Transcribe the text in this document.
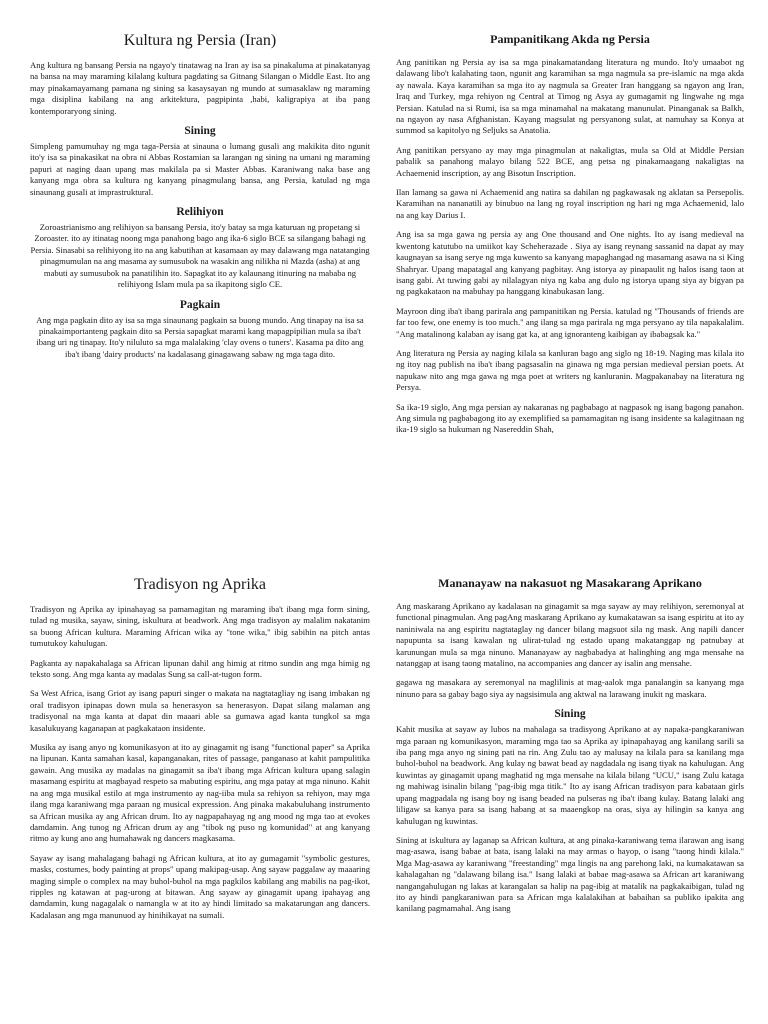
Kultura ng Persia (Iran)

Ang kultura ng bansang Persia na ngayo'y tinatawag na Iran ay isa sa pinakaluma at pinakatanyag na bansa na may maraming kilalang kultura pagdating sa Gitnang Silangan o Middle East. Ito ang may pinakamayamang pamana ng sining sa kasaysayan ng mundo at sumasaklaw ng maraming mga disiplina kabilang na ang arkitektura, pagpipinta ,habi, kaligrapiya at iba pang kontemporaryong sining.

Sining

Simpleng pamumuhay ng mga taga-Persia at sinauna o lumang gusali ang makikita dito ngunit ito'y isa sa pinakasikat na obra ni Abbas Rostamian sa larangan ng sining na umani ng maraming papuri at naging daan upang mas makilala pa si Master Abbas. Karaniwang naka base ang kanyang mga obra sa kultura ng kanyang pinagmulang bansa, ang Persia, katulad ng mga sinaunang gusali at imprastruktural.

Relihiyon

Zoroastrianismo ang relihiyon sa bansang Persia, ito'y batay sa mga katuruan ng propetang si Zoroaster. ito ay itinatag noong mga panahong bago ang ika-6 siglo BCE sa silangang bahagi ng Persia. Sinasabi sa relihiyong ito na ang kabutihan at kasamaan ay may dalawang mga natatanging pinagmumulan na ang masama ay sumusubok na wasakin ang nilikha ni Mazda (asha) at ang mabuti ay sumusubok na panatilihin ito. Sapagkat ito ay kalaunang itinuring na mababa ng relihiyong Islam mula pa sa ikapitong siglo CE.

Pagkain

Ang mga pagkain dito ay isa sa mga sinaunang pagkain sa buong mundo. Ang tinapay na isa sa pinakaimportanteng pagkain dito sa Persia sapagkat marami kang mapagpipilian mula sa iba't ibang uri ng tinapay. Ito'y niluluto sa mga malalaking 'clay ovens o tuners'. Kasama pa dito ang iba't ibang 'dairy products' na kadalasang ginagawang sabaw ng mga taga dito.

Pampanitikang Akda ng Persia

Ang panitikan ng Persia ay isa sa mga pinakamatandang literatura ng mundo. Ito'y umaabot ng dalawang libo't kalahating taon, ngunit ang karamihan sa mga nagmula sa pre-islamic na mga akda ay nawala. Kaya karamihan sa mga ito ay nagmula sa Greater Iran hanggang sa ngayon ang Iran, Iraq and Turkey, mga rehiyon ng Central at Timog ng Asya ay gumagamit ng lingwahe ng mga Persian. Katulad na si Rumi, isa sa mga minamahal na makatang manunulat. Pinanganak sa Balkh, na ngayon ay nasa Afghanistan. Kayang magsulat ng persyanong sulat, at namuhay sa Konya at summod sa kapitolyo ng Seljuks sa Anatolia.

Ang panitikan persyano ay may mga pinagmulan at nakaligtas, mula sa Old at Middle Persian pabalik sa panahong malayo bilang 522 BCE, ang petsa ng pinakamaagang nakaligtas na Achaemenid inscription, ay ang Bisotun Inscription.

Ilan lamang sa gawa ni Achaemenid ang natira sa dahilan ng pagkawasak ng aklatan sa Persepolis. Karamihan na nananatili ay binubuo na lang ng royal inscription ng hari ng mga Achaemenid, lalo na ang kay Darius I.

Ang isa sa mga gawa ng persia ay ang One thousand and One nights. Ito ay isang medieval na kwentong katutubo na umiikot kay Scheherazade . Siya ay isang reynang sassanid na dapat ay may kaugnayan sa isang serye ng mga kuwento sa kanyang mapaghangad ng masamang asawa na si King Shahryar. Upang mapatagal ang kanyang pagbitay. Ang istorya ay pinapaulit ng halos isang taon at isang gabi. At tuwing gabi ay nilalagyan niya ng kaba ang dulo ng istorya upang siya ay bigyan pa ng pagkakataon na mabuhay pa hanggang kinabukasan lang.

Mayroon ding iba't ibang parirala ang pampanitikan ng Persia. katulad ng "Thousands of friends are far too few, one enemy is too much." ang ilang sa mga parirala ng mga persyano ay tila napakalalim. "Ang matalinong kalaban ay isang gat ka, at ang ignoranteng kaibigan ay ibabagsak ka."

Ang literatura ng Persia ay naging kilala sa kanluran bago ang siglo ng 18-19. Naging mas kilala ito ng itoy nag publish na iba't ibang pagsasalin na ginawa ng mga persian medieval persian poets. At napukaw nito ang mga gawa ng mga poet at writers ng kanluranin. Magpakanabay na literatura ng Persya.

Sa ika-19 siglo, Ang mga persian ay nakaranas ng pagbabago at nagpasok ng isang bagong panahon. Ang simula ng pagbabagong ito ay exemplified sa pamamagitan ng isang insidente sa kalagitnaan ng ika-19 siglo sa hukuman ng Nasereddin Shah,

Tradisyon ng Aprika

Tradisyon ng Aprika ay ipinahayag sa pamamagitan ng maraming iba't ibang mga form sining, tulad ng musika, sayaw, sining, iskultura at beadwork. Ang mga tradisyon ay malalim nakatanim sa buong African kultura. Maraming African wika ay "tone wika," ibig sabihin na pitch antas tumutukoy kahulugan.

Pagkanta ay napakahalaga sa African lipunan dahil ang himig at ritmo sundin ang mga himig ng teksto song. Ang mga kanta ay madalas Sung sa call-at-tugon form.

Sa West Africa, isang Griot ay isang papuri singer o makata na nagtatagliay ng isang imbakan ng oral tradisyon ipinapas down mula sa henerasyon sa henerasyon. Dapat silang malaman ang tradisyonal na mga kanta at dapat din maaari able sa gumawa agad kanta tungkol sa mga kasalukuyang kaganapan at pagkakataon insidente.

Musika ay isang anyo ng komunikasyon at ito ay ginagamit ng isang "functional paper" sa Aprika na lipunan. Kanta samahan kasal, kapanganakan, rites of passage, panganaso at kahit pampulitika gawain. Ang musika ay madalas na ginagamit sa iba't ibang mga African kultura upang salagin masamang espiritu at magbayad respeto sa mabuting espiritu, ang mga patay at mga ninuno. Kahit na ang mga musikal estilo at mga instrumento ay nag-iiba mula sa rehiyon sa rehiyon, may mga ilang mga karaniwang mga paraan ng musical expression. Ang pinaka makabuluhang instrumento sa African musika ay ang African drum. Ito ay nagpapahayag ng ang mood ng mga tao at evokes damdamin. Ang tunog ng African drum ay ang "tibok ng puso ng komunidad" at ang kanyang ritmo ay kung ano ang humahawak ng dancers magkasama.

Sayaw ay isang mahalagang bahagi ng African kultura, at ito ay gumagamit "symbolic gestures, masks, costumes, body painting at props" upang makipag-usap. Ang sayaw paggalaw ay maaaring maging simple o complex na may buhol-buhol na mga pagkilos kabilang ang mabilis na pag-ikot, ripples ng katawan at pag-urong at bitawan. Ang sayaw ay ginagamit upang ipahayag ang damdamin, kung nagagalak o namangla w at ito ay hindi limitado sa makatarungan ang dancers. Kadalasan ang mga manunuod ay hinihikayat na sumali.

Mananayaw na nakasuot ng Masakarang Aprikano

Ang maskarang Aprikano ay kadalasan na ginagamit sa mga sayaw ay may relihiyon, seremonyal at functional pinagmulan. Ang pagAng maskarang Aprikano ay kumakatawan sa isang espiritu at ito ay naniniwala na ang espiritu nagtataglay ng dancer bilang magsuot sila ng mask. Ang napili dancer napupunta sa isang kawalan ng ulirat-tulad ng estado upang makatanggap ng patnubay at karunungan mula sa mga ninuno. Mananayaw ay nagbabadya at halinghing ang mga mensahe na natanggap at isang taong matalino, na accompanies ang dancer ay isalin ang mensahe.

gagawa ng masakara ay seremonyal na maglilinis at mag-aalok mga panalangin sa kanyang mga ninuno para sa gabay bago siya ay nagsisimula ang aktwal na larawang inukit ng maskara.

Sining

Kahit musika at sayaw ay lubos na mahalaga sa tradisyong Aprikano at ay napaka-pangkaraniwan mga paraan ng komunikasyon, maraming mga tao sa Aprika ay ipinapahayag ang kanilang sarili sa iba pang mga anyo ng sining pati na rin. Ang Zulu tao ay malusay na kilala para sa kanilang mga buhol-buhol na beadwork. Ang kulay ng bawat bead ay nagdadala ng isang tiyak na kahulugan. Ang kuwintas ay ginagamit upang maghatid ng mga mensahe na kilala bilang "UCU," isang Zulu kataga ng mahiwag isinalin bilang "pag-ibig mga titik." Ito ay isang African tradisyon para kabataan girls upang magpadala ng isang boy ng isang beaded na pulseras ng iba't ibang kulay. Batang lalaki ang liligaw sa kanya para sa isang habang at sa maaengkop na oras, siya ay hilingin sa kanya ang kahulugan ng kuwintas.

Sining at iskultura ay laganap sa African kultura, at ang pinaka-karaniwang tema ilarawan ang isang mag-asawa, isang babae at bata, isang lalaki na may armas o hayop, o isang "taong hindi kilala." Mga Mag-asawa ay karaniwang "freestanding" mga lingis na ang parehong laki, na kumakatawan sa kahalagahan ng "dalawang bilang isa." Isang lalaki at babae mag-asawa sa African art karaniwang nangangahulugan ng lakas at karangalan sa halip na pag-ibig at matalik na pagkakaibigan, tulad ng ito ay hindi pangkaraniwan para sa African mga kalalakihan at babaihan sa publiko ipakita ang kanilang pagmamahal. Ang isang
